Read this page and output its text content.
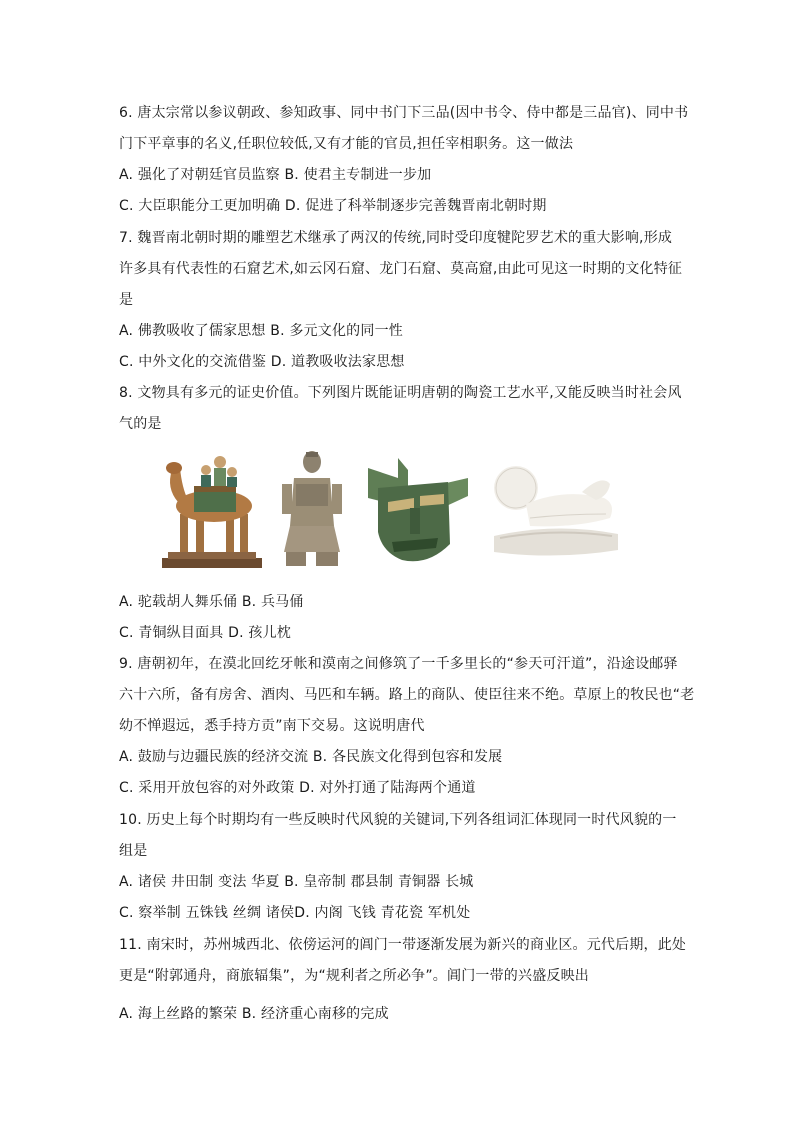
6. 唐太宗常以参议朝政、参知政事、同中书门下三品(因中书令、侍中都是三品官)、同中书
门下平章事的名义,任职位较低,又有才能的官员,担任宰相职务。这一做法
A. 强化了对朝廷官员监察 B. 使君主专制进一步加
C. 大臣职能分工更加明确 D. 促进了科举制逐步完善魏晋南北朝时期
7. 魏晋南北朝时期的雕塑艺术继承了两汉的传统,同时受印度犍陀罗艺术的重大影响,形成
许多具有代表性的石窟艺术,如云冈石窟、龙门石窟、莫高窟,由此可见这一时期的文化特征
是
A. 佛教吸收了儒家思想 B. 多元文化的同一性
C. 中外文化的交流借鉴 D. 道教吸收法家思想
8. 文物具有多元的证史价值。下列图片既能证明唐朝的陶瓷工艺水平,又能反映当时社会风
气的是
A. 驼载胡人舞乐俑 B. 兵马俑
C. 青铜纵目面具 D. 孩儿枕
9. 唐朝初年，在漠北回纥牙帐和漠南之间修筑了一千多里长的“参天可汗道”，沿途设邮驿
六十六所，备有房舍、酒肉、马匹和车辆。路上的商队、使臣往来不绝。草原上的牧民也“老
幼不惮遐远，悉手持方贡”南下交易。这说明唐代
A. 鼓励与边疆民族的经济交流 B. 各民族文化得到包容和发展
C. 采用开放包容的对外政策 D. 对外打通了陆海两个通道
10. 历史上每个时期均有一些反映时代风貌的关键词,下列各组词汇体现同一时代风貌的一
组是
A. 诸侯 井田制 变法 华夏 B. 皇帝制 郡县制 青铜器 长城
C. 察举制 五铢钱 丝绸 诸侯D. 内阁 飞钱 青花瓷 军机处
11. 南宋时，苏州城西北、依傍运河的阊门一带逐渐发展为新兴的商业区。元代后期，此处
更是“附郭通舟，商旅辐集”，为“规利者之所必争”。阊门一带的兴盛反映出
A. 海上丝路的繁荣 B. 经济重心南移的完成
